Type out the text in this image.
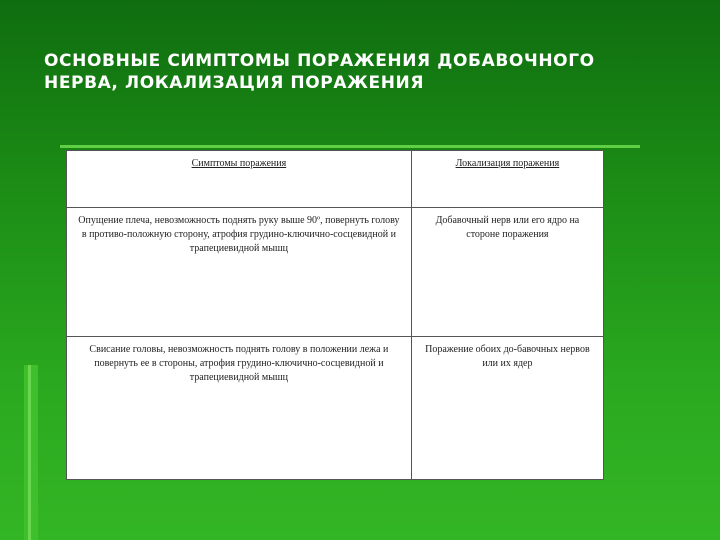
ОСНОВНЫЕ СИМПТОМЫ ПОРАЖЕНИЯ ДОБАВОЧНОГО
НЕРВА, ЛОКАЛИЗАЦИЯ ПОРАЖЕНИЯ
Симптомы поражения	Локализация поражения
Опущение плеча, невозможность поднять руку выше 90º, повернуть голову в противо-положную сторону, атрофия грудино-ключично-сосцевидной и трапециевидной мышц	Добавочный нерв или его ядро на стороне поражения
Свисание головы, невозможность поднять голову в положении лежа и повернуть ее в стороны, атрофия грудино-ключично-сосцевидной и трапециевидной мышц	Поражение обоих до-бавочных нервов или их ядер
